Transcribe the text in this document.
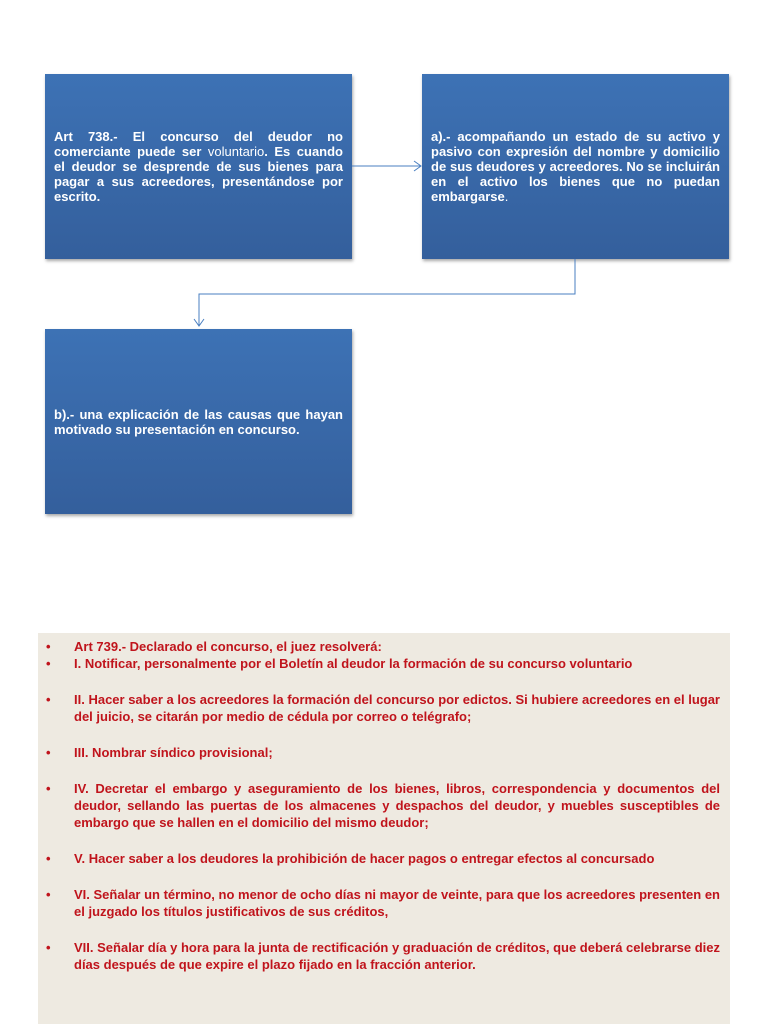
Art 738.- El concurso del deudor no comerciante puede ser voluntario. Es cuando el deudor se desprende de sus bienes para pagar a sus acreedores, presentándose por escrito.

a).- acompañando un estado de su activo y pasivo con expresión del nombre y domicilio de sus deudores y acreedores. No se incluirán en el activo los bienes que no puedan embargarse.

b).- una explicación de las causas que hayan motivado su presentación en concurso.

• Art 739.- Declarado el concurso, el juez resolverá:
• I. Notificar, personalmente por el Boletín al deudor la formación de su concurso voluntario
• II. Hacer saber a los acreedores la formación del concurso por edictos. Si hubiere acreedores en el lugar del juicio, se citarán por medio de cédula por correo o telégrafo;
• III. Nombrar síndico provisional;
• IV. Decretar el embargo y aseguramiento de los bienes, libros, correspondencia y documentos del deudor, sellando las puertas de los almacenes y despachos del deudor, y muebles susceptibles de embargo que se hallen en el domicilio del mismo deudor;
• V. Hacer saber a los deudores la prohibición de hacer pagos o entregar efectos al concursado
• VI. Señalar un término, no menor de ocho días ni mayor de veinte, para que los acreedores presenten en el juzgado los títulos justificativos de sus créditos,
• VII. Señalar día y hora para la junta de rectificación y graduación de créditos, que deberá celebrarse diez días después de que expire el plazo fijado en la fracción anterior.
